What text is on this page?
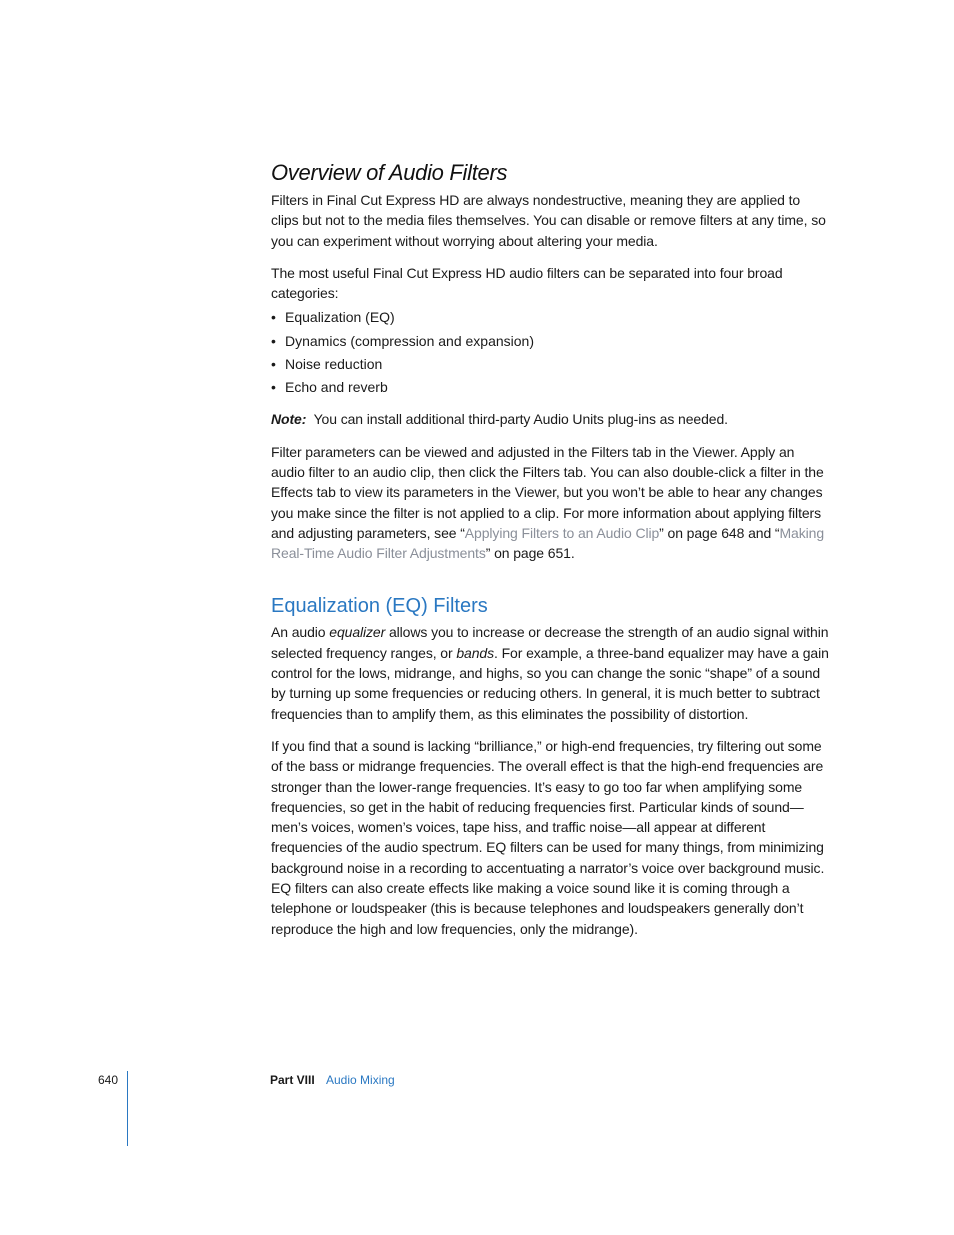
Overview of Audio Filters

Filters in Final Cut Express HD are always nondestructive, meaning they are applied to clips but not to the media files themselves. You can disable or remove filters at any time, so you can experiment without worrying about altering your media.

The most useful Final Cut Express HD audio filters can be separated into four broad categories:

• Equalization (EQ)
• Dynamics (compression and expansion)
• Noise reduction
• Echo and reverb

Note: You can install additional third-party Audio Units plug-ins as needed.

Filter parameters can be viewed and adjusted in the Filters tab in the Viewer. Apply an audio filter to an audio clip, then click the Filters tab. You can also double-click a filter in the Effects tab to view its parameters in the Viewer, but you won’t be able to hear any changes you make since the filter is not applied to a clip. For more information about applying filters and adjusting parameters, see “Applying Filters to an Audio Clip” on page 648 and “Making Real-Time Audio Filter Adjustments” on page 651.

Equalization (EQ) Filters

An audio equalizer allows you to increase or decrease the strength of an audio signal within selected frequency ranges, or bands. For example, a three-band equalizer may have a gain control for the lows, midrange, and highs, so you can change the sonic “shape” of a sound by turning up some frequencies or reducing others. In general, it is much better to subtract frequencies than to amplify them, as this eliminates the possibility of distortion.

If you find that a sound is lacking “brilliance,” or high-end frequencies, try filtering out some of the bass or midrange frequencies. The overall effect is that the high-end frequencies are stronger than the lower-range frequencies. It’s easy to go too far when amplifying some frequencies, so get in the habit of reducing frequencies first. Particular kinds of sound—men’s voices, women’s voices, tape hiss, and traffic noise—all appear at different frequencies of the audio spectrum. EQ filters can be used for many things, from minimizing background noise in a recording to accentuating a narrator’s voice over background music. EQ filters can also create effects like making a voice sound like it is coming through a telephone or loudspeaker (this is because telephones and loudspeakers generally don’t reproduce the high and low frequencies, only the midrange).

640	Part VIII Audio Mixing
